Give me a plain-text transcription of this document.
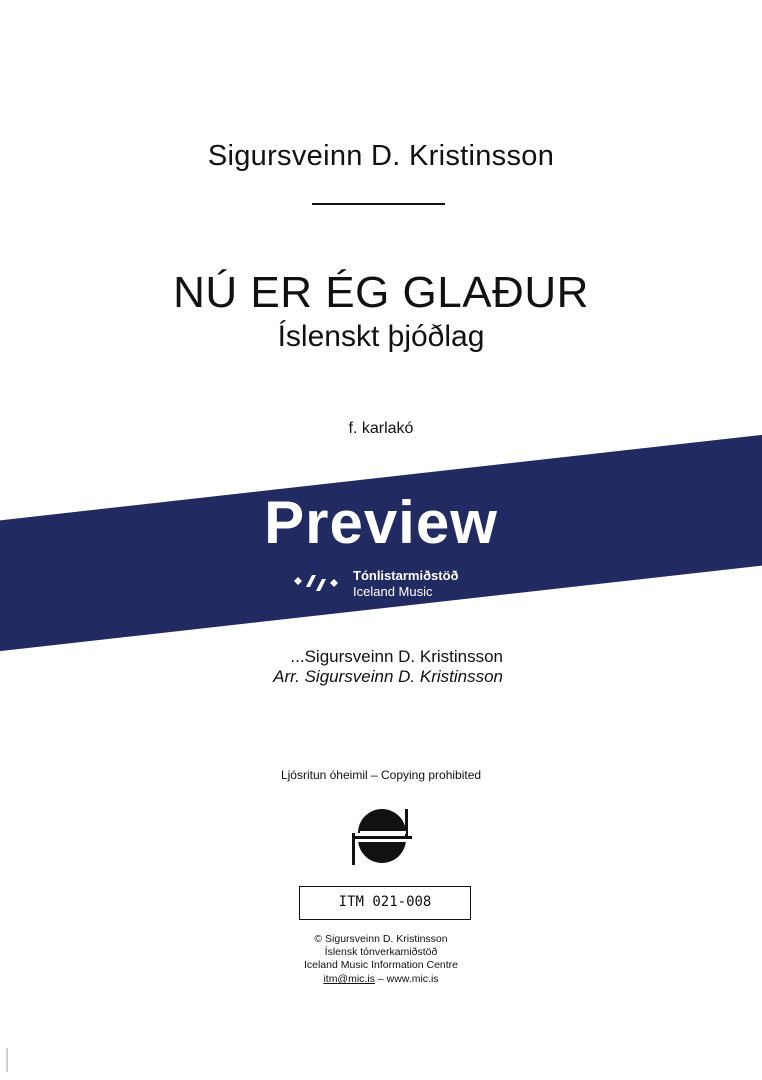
Sigursveinn D. Kristinsson
NÚ ER ÉG GLAÐUR
Íslenskt þjóðlag
f. karlakó
...Sigursveinn D. Kristinsson
Arr. Sigursveinn D. Kristinsson
Ljósritun óheimil – Copying prohibited
ITM 021-008
© Sigursveinn D. Kristinsson
Íslensk tónverkamiðstöð
Iceland Music Information Centre
itm@mic.is – www.mic.is
Preview
Tónlistarmiðstöð
Iceland Music
